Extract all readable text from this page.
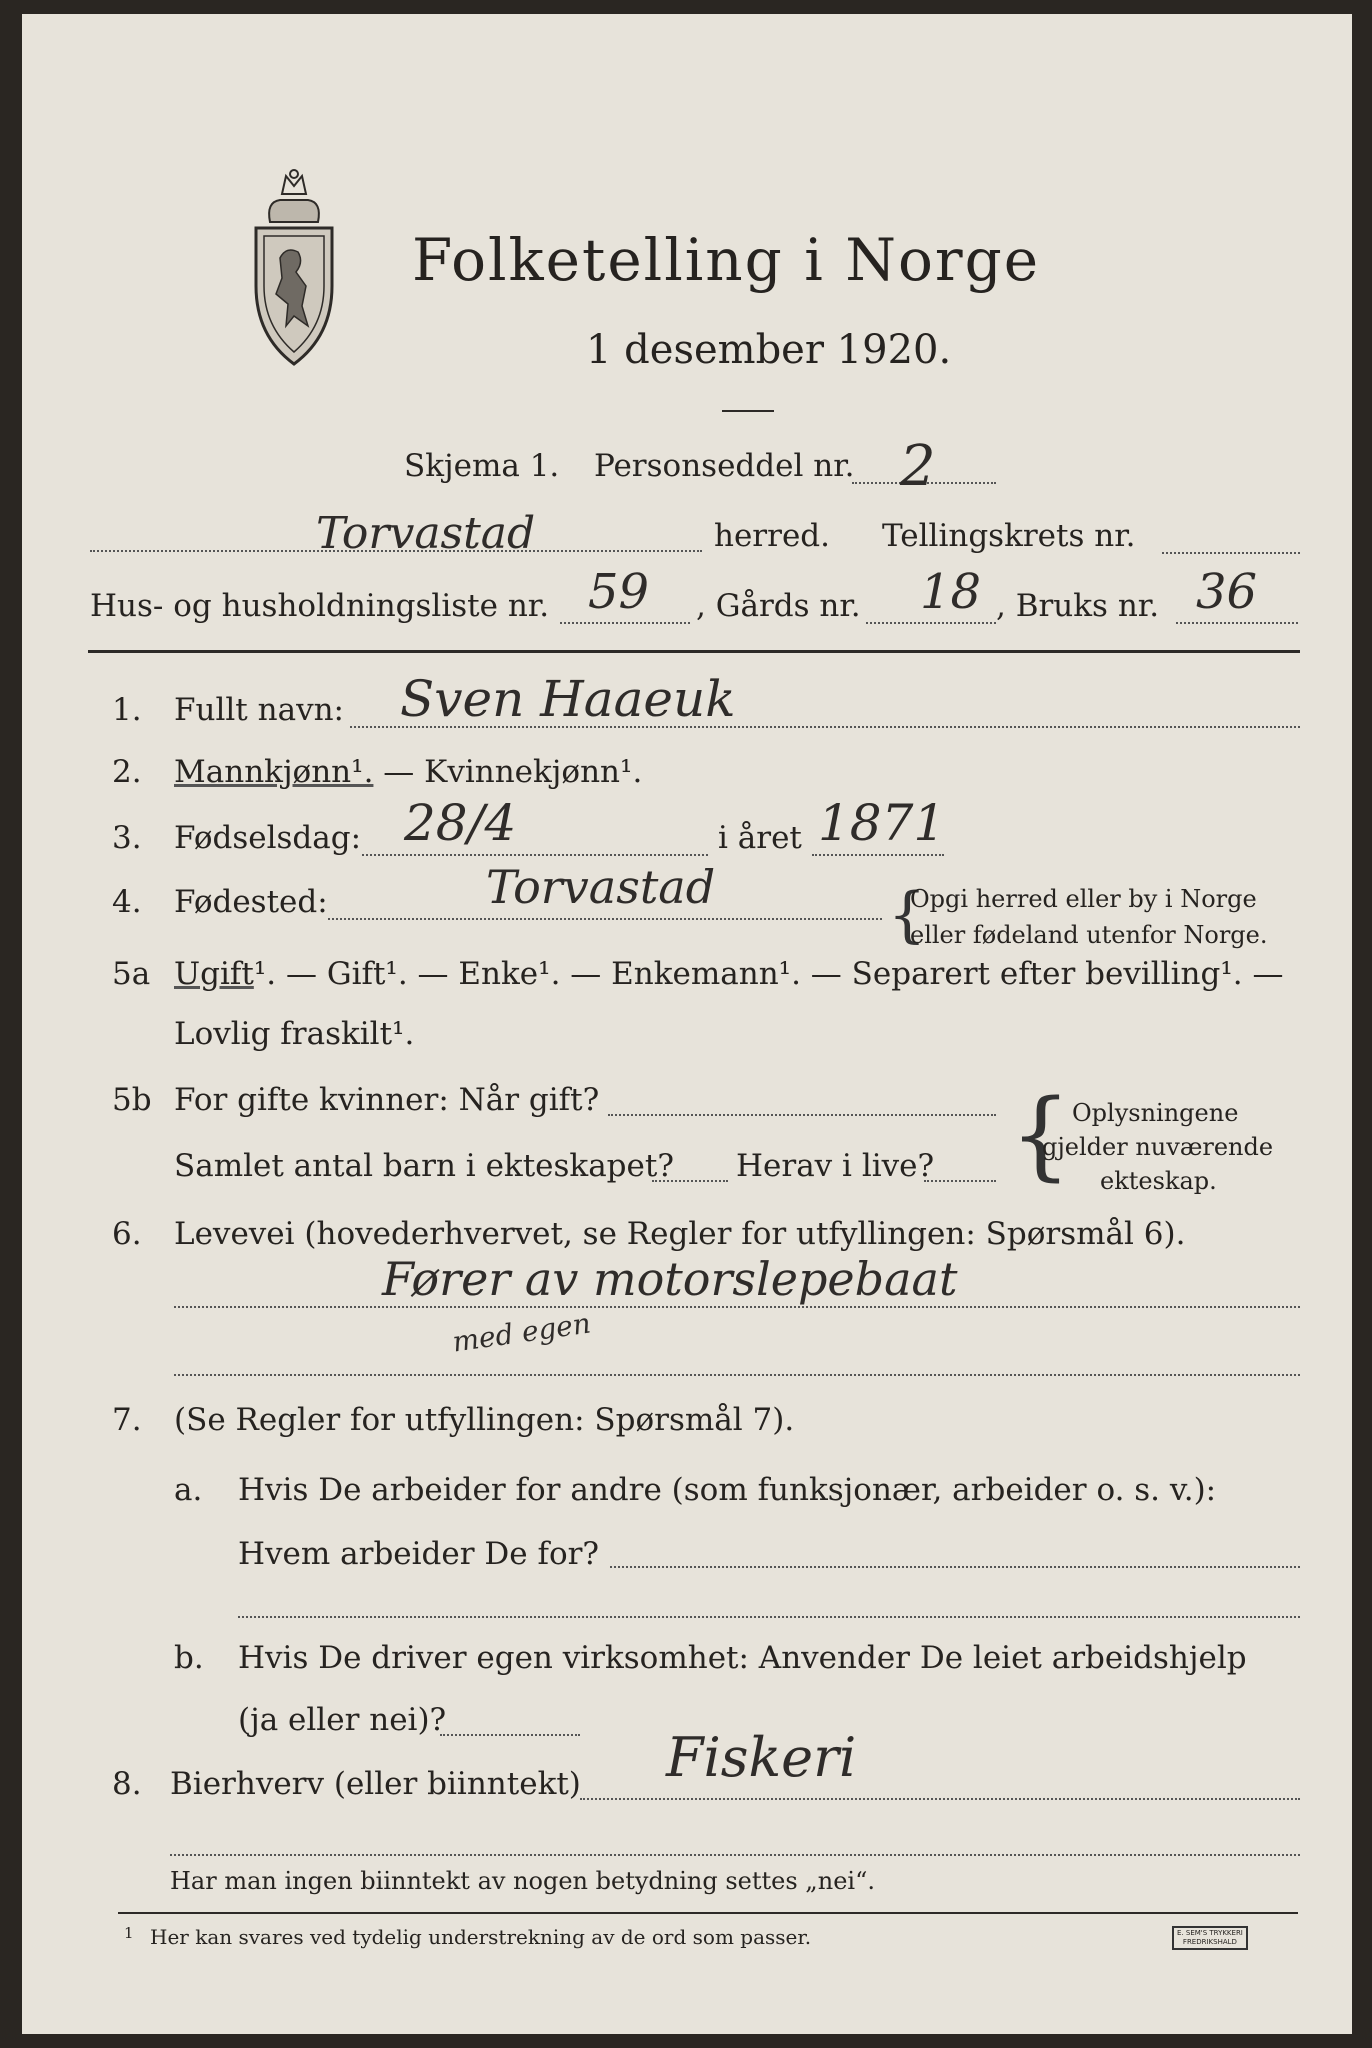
Folketelling i Norge
1 desember 1920.
Skjema 1. Personseddel nr. 2
Torvastad	herred. Tellingskrets nr.
Hus- og husholdningsliste nr. 59 , Gårds nr. 18 , Bruks nr. 36
1. Fullt navn: Sven Haaeuk
2. Mannkjønn¹. — Kvinnekjønn¹.
3. Fødselsdag: 28/4	i året 1871
4. Fødested:	Torvastad	{
Opgi herred eller by i Norge
eller fødeland utenfor Norge.
5a Ugift¹. — Gift¹. — Enke¹. — Enkemann¹. — Separert efter bevilling¹. —
Lovlig fraskilt¹.
5b For gifte kvinner: Når gift?
Samlet antal barn i ekteskapet? Herav i live? { Oplysningene
gjelder nuværende
ekteskap.
6. Levevei (hovederhvervet, se Regler for utfyllingen: Spørsmål 6).
Fører av motorslepebaat
med egen
7. (Se Regler for utfyllingen: Spørsmål 7).
a. Hvis De arbeider for andre (som funksjonær, arbeider o. s. v.):
Hvem arbeider De for?
b. Hvis De driver egen virksomhet: Anvender De leiet arbeidshjelp
(ja eller nei)?
8. Bierhverv (eller biinntekt) Fiskeri
Har man ingen biinntekt av nogen betydning settes „nei“.
1 Her kan svares ved tydelig understrekning av de ord som passer.	E. SEM'S TRYKKERI
FREDRIKSHALD
